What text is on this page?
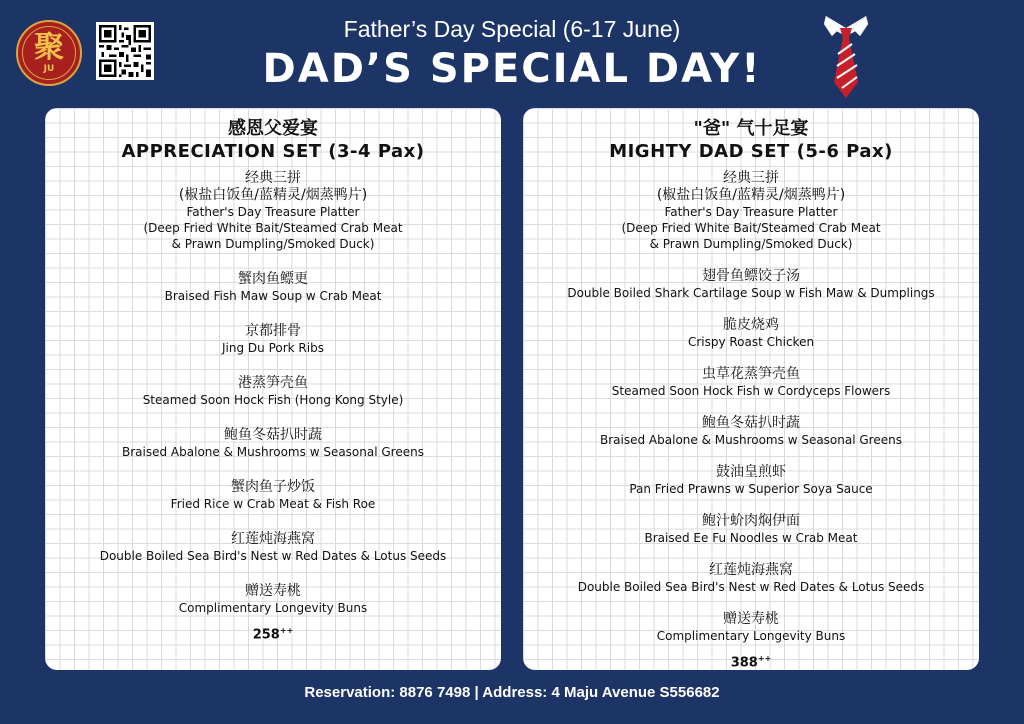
聚
JU
Father’s Day Special (6-17 June)
DAD’S SPECIAL DAY!
感恩父爱宴
APPRECIATION SET (3-4 Pax)
经典三拼
(椒盐白饭鱼/蓝精灵/烟蒸鸭片)
Father's Day Treasure Platter
(Deep Fried White Bait/Steamed Crab Meat
& Prawn Dumpling/Smoked Duck)
蟹肉鱼鳔更
Braised Fish Maw Soup w Crab Meat
京都排骨
Jing Du Pork Ribs
港蒸笋壳鱼
Steamed Soon Hock Fish (Hong Kong Style)
鲍鱼冬菇扒时蔬
Braised Abalone & Mushrooms w Seasonal Greens
蟹肉鱼子炒饭
Fried Rice w Crab Meat & Fish Roe
红莲炖海燕窝
Double Boiled Sea Bird's Nest w Red Dates & Lotus Seeds
赠送寿桃
Complimentary Longevity Buns
258++
"爸" 气十足宴
MIGHTY DAD SET (5-6 Pax)
经典三拼
(椒盐白饭鱼/蓝精灵/烟蒸鸭片)
Father's Day Treasure Platter
(Deep Fried White Bait/Steamed Crab Meat
& Prawn Dumpling/Smoked Duck)
翅骨鱼鳔饺子汤
Double Boiled Shark Cartilage Soup w Fish Maw & Dumplings
脆皮烧鸡
Crispy Roast Chicken
虫草花蒸笋壳鱼
Steamed Soon Hock Fish w Cordyceps Flowers
鲍鱼冬菇扒时蔬
Braised Abalone & Mushrooms w Seasonal Greens
鼓油皇煎虾
Pan Fried Prawns w Superior Soya Sauce
鲍汁蚧肉焖伊面
Braised Ee Fu Noodles w Crab Meat
红莲炖海燕窝
Double Boiled Sea Bird's Nest w Red Dates & Lotus Seeds
赠送寿桃
Complimentary Longevity Buns
388++
Reservation: 8876 7498 | Address: 4 Maju Avenue S556682
